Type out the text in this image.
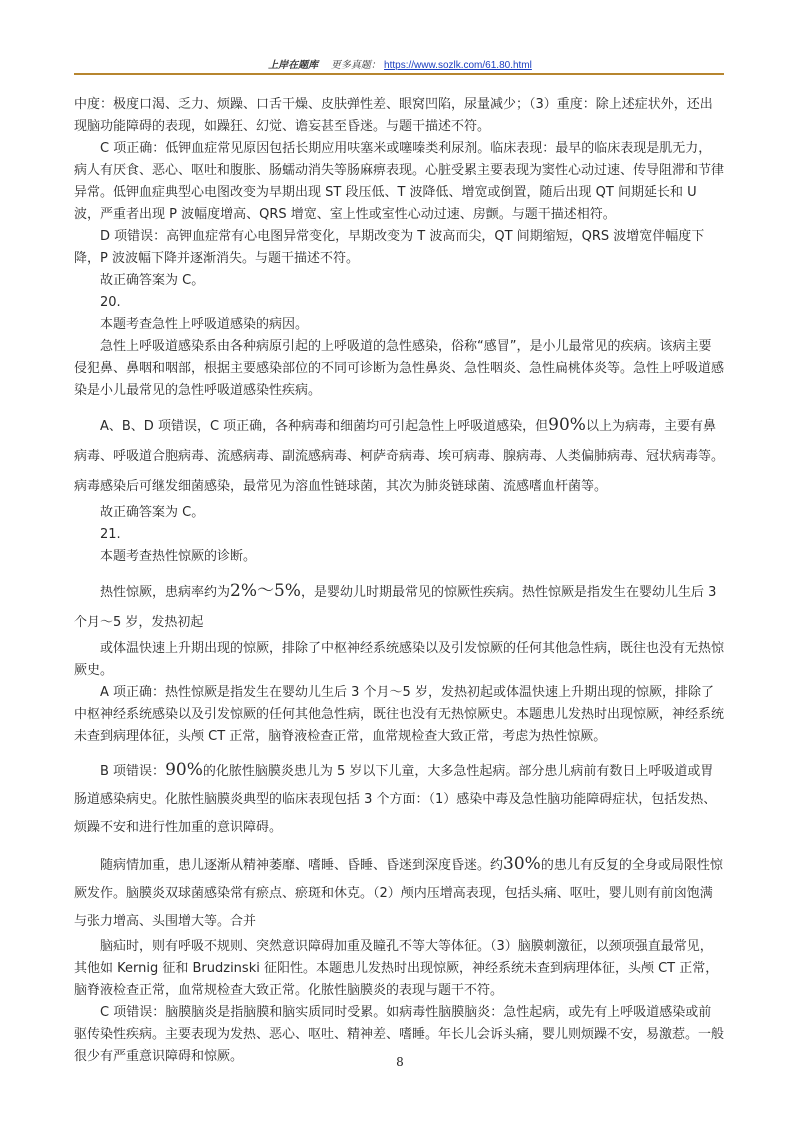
上岸在题库 更多真题： https://www.sozlk.com/61.80.html

中度：极度口渴、乏力、烦躁、口舌干燥、皮肤弹性差、眼窝凹陷，尿量减少；（3）重度：除上述症状外，还出现脑功能障碍的表现，如躁狂、幻觉、谵妄甚至昏迷。与题干描述不符。

C 项正确：低钾血症常见原因包括长期应用呋塞米或噻嗪类利尿剂。临床表现：最早的临床表现是肌无力，病人有厌食、恶心、呕吐和腹胀、肠蠕动消失等肠麻痹表现。心脏受累主要表现为窦性心动过速、传导阻滞和节律异常。低钾血症典型心电图改变为早期出现 ST 段压低、T 波降低、增宽或倒置，随后出现 QT 间期延长和 U 波，严重者出现 P 波幅度增高、QRS 增宽、室上性或室性心动过速、房颤。与题干描述相符。

D 项错误：高钾血症常有心电图异常变化，早期改变为 T 波高而尖，QT 间期缩短，QRS 波增宽伴幅度下降，P 波波幅下降并逐渐消失。与题干描述不符。

故正确答案为 C。

20.

本题考查急性上呼吸道感染的病因。

急性上呼吸道感染系由各种病原引起的上呼吸道的急性感染，俗称“感冒”，是小儿最常见的疾病。该病主要侵犯鼻、鼻咽和咽部，根据主要感染部位的不同可诊断为急性鼻炎、急性咽炎、急性扁桃体炎等。急性上呼吸道感染是小儿最常见的急性呼吸道感染性疾病。

A、B、D 项错误，C 项正确，各种病毒和细菌均可引起急性上呼吸道感染，但90%以上为病毒，主要有鼻病毒、呼吸道合胞病毒、流感病毒、副流感病毒、柯萨奇病毒、埃可病毒、腺病毒、人类偏肺病毒、冠状病毒等。病毒感染后可继发细菌感染，最常见为溶血性链球菌，其次为肺炎链球菌、流感嗜血杆菌等。

故正确答案为 C。

21.

本题考查热性惊厥的诊断。

热性惊厥，患病率约为2%～5%，是婴幼儿时期最常见的惊厥性疾病。热性惊厥是指发生在婴幼儿生后 3 个月～5 岁，发热初起

或体温快速上升期出现的惊厥，排除了中枢神经系统感染以及引发惊厥的任何其他急性病，既往也没有无热惊厥史。

A 项正确：热性惊厥是指发生在婴幼儿生后 3 个月～5 岁，发热初起或体温快速上升期出现的惊厥，排除了中枢神经系统感染以及引发惊厥的任何其他急性病，既往也没有无热惊厥史。本题患儿发热时出现惊厥，神经系统未查到病理体征，头颅 CT 正常，脑脊液检查正常，血常规检查大致正常，考虑为热性惊厥。

B 项错误：90%的化脓性脑膜炎患儿为 5 岁以下儿童，大多急性起病。部分患儿病前有数日上呼吸道或胃肠道感染病史。化脓性脑膜炎典型的临床表现包括 3 个方面：（1）感染中毒及急性脑功能障碍症状，包括发热、烦躁不安和进行性加重的意识障碍。

随病情加重，患儿逐渐从精神萎靡、嗜睡、昏睡、昏迷到深度昏迷。约30%的患儿有反复的全身或局限性惊厥发作。脑膜炎双球菌感染常有瘀点、瘀斑和休克。（2）颅内压增高表现，包括头痛、呕吐，婴儿则有前囟饱满与张力增高、头围增大等。合并

脑疝时，则有呼吸不规则、突然意识障碍加重及瞳孔不等大等体征。（3）脑膜刺激征，以颈项强直最常见，其他如 Kernig 征和 Brudzinski 征阳性。本题患儿发热时出现惊厥，神经系统未查到病理体征，头颅 CT 正常，脑脊液检查正常，血常规检查大致正常。化脓性脑膜炎的表现与题干不符。

C 项错误：脑膜脑炎是指脑膜和脑实质同时受累。如病毒性脑膜脑炎：急性起病，或先有上呼吸道感染或前驱传染性疾病。主要表现为发热、恶心、呕吐、精神差、嗜睡。年长儿会诉头痛，婴儿则烦躁不安，易激惹。一般很少有严重意识障碍和惊厥。	8
